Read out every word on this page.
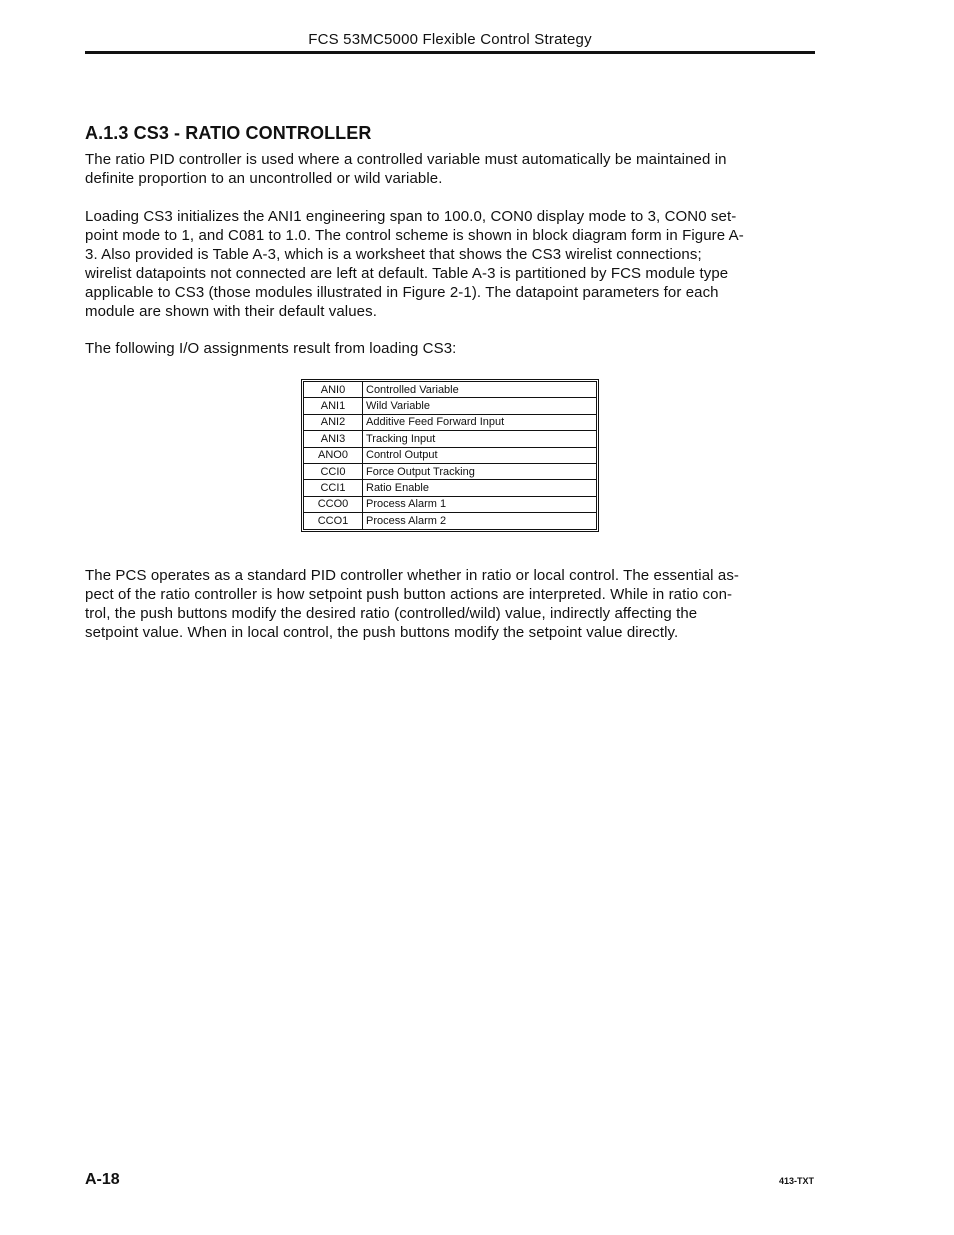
FCS 53MC5000 Flexible Control Strategy
A.1.3 CS3 - RATIO CONTROLLER

The ratio PID controller is used where a controlled variable must automatically be maintained in
definite proportion to an uncontrolled or wild variable.

Loading CS3 initializes the ANI1 engineering span to 100.0, CON0 display mode to 3, CON0 set-
point mode to 1, and C081 to 1.0. The control scheme is shown in block diagram form in Figure A-
3. Also provided is Table A-3, which is a worksheet that shows the CS3 wirelist connections;
wirelist datapoints not connected are left at default. Table A-3 is partitioned by FCS module type
applicable to CS3 (those modules illustrated in Figure 2-1). The datapoint parameters for each
module are shown with their default values.

The following I/O assignments result from loading CS3:

ANI0	Controlled Variable
ANI1	Wild Variable
ANI2	Additive Feed Forward Input
ANI3	Tracking Input
ANO0	Control Output
CCI0	Force Output Tracking
CCI1	Ratio Enable
CCO0	Process Alarm 1
CCO1	Process Alarm 2

The PCS operates as a standard PID controller whether in ratio or local control. The essential as-
pect of the ratio controller is how setpoint push button actions are interpreted. While in ratio con-
trol, the push buttons modify the desired ratio (controlled/wild) value, indirectly affecting the
setpoint value. When in local control, the push buttons modify the setpoint value directly.

A-18	413-TXT
